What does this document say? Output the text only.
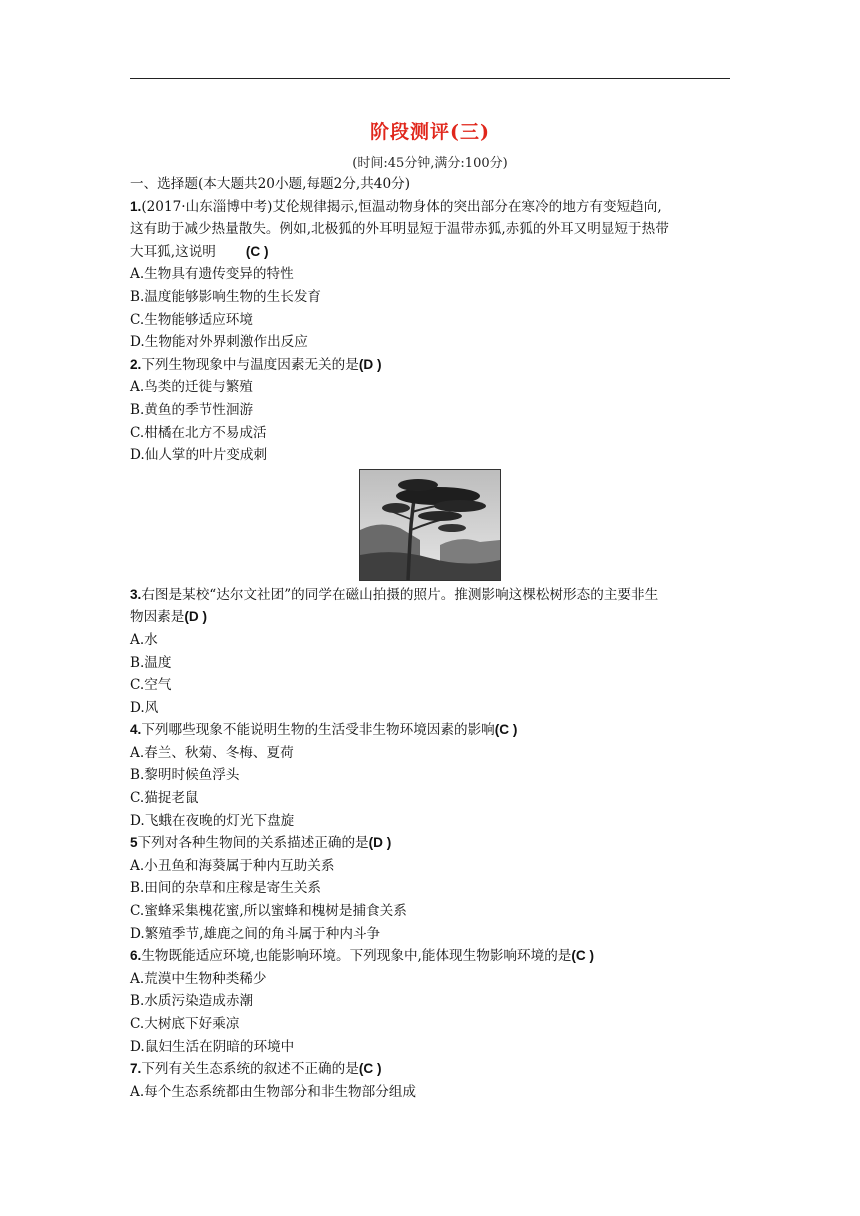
阶段测评(三)
(时间:45分钟,满分:100分)
一、选择题(本大题共20小题,每题2分,共40分)
1.(2017·山东淄博中考)艾伦规律揭示,恒温动物身体的突出部分在寒冷的地方有变短趋向,
这有助于减少热量散失。例如,北极狐的外耳明显短于温带赤狐,赤狐的外耳又明显短于热带
大耳狐,这说明 (C )
A.生物具有遗传变异的特性
B.温度能够影响生物的生长发育
C.生物能够适应环境
D.生物能对外界刺激作出反应
2.下列生物现象中与温度因素无关的是(D )
A.鸟类的迁徙与繁殖
B.黄鱼的季节性洄游
C.柑橘在北方不易成活
D.仙人掌的叶片变成刺
3.右图是某校“达尔文社团”的同学在磁山拍摄的照片。推测影响这棵松树形态的主要非生
物因素是(D )
A.水
B.温度
C.空气
D.风
4.下列哪些现象不能说明生物的生活受非生物环境因素的影响(C )
A.春兰、秋菊、冬梅、夏荷
B.黎明时候鱼浮头
C.猫捉老鼠
D.飞蛾在夜晚的灯光下盘旋
5下列对各种生物间的关系描述正确的是(D )
A.小丑鱼和海葵属于种内互助关系
B.田间的杂草和庄稼是寄生关系
C.蜜蜂采集槐花蜜,所以蜜蜂和槐树是捕食关系
D.繁殖季节,雄鹿之间的角斗属于种内斗争
6.生物既能适应环境,也能影响环境。下列现象中,能体现生物影响环境的是(C )
A.荒漠中生物种类稀少
B.水质污染造成赤潮
C.大树底下好乘凉
D.鼠妇生活在阴暗的环境中
7.下列有关生态系统的叙述不正确的是(C )
A.每个生态系统都由生物部分和非生物部分组成
